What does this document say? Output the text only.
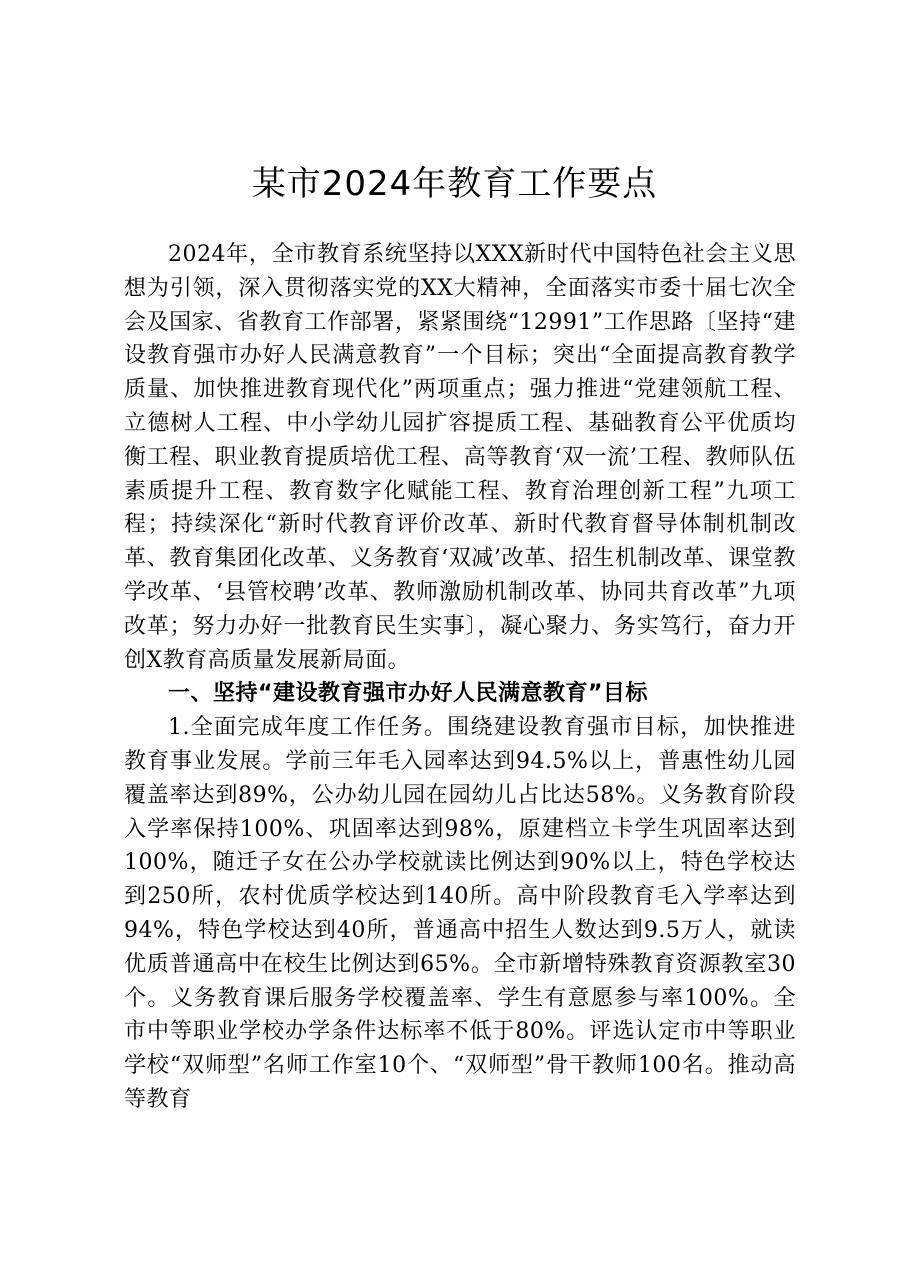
某市2024年教育工作要点

2024年，全市教育系统坚持以XXX新时代中国特色社会主义思想为引领，深入贯彻落实党的XX大精神，全面落实市委十届七次全会及国家、省教育工作部署，紧紧围绕“12991”工作思路〔坚持“建设教育强市办好人民满意教育”一个目标；突出“全面提高教育教学质量、加快推进教育现代化”两项重点；强力推进“党建领航工程、立德树人工程、中小学幼儿园扩容提质工程、基础教育公平优质均衡工程、职业教育提质培优工程、高等教育‘双一流’工程、教师队伍素质提升工程、教育数字化赋能工程、教育治理创新工程”九项工程；持续深化“新时代教育评价改革、新时代教育督导体制机制改革、教育集团化改革、义务教育‘双减’改革、招生机制改革、课堂教学改革、‘县管校聘’改革、教师激励机制改革、协同共育改革”九项改革；努力办好一批教育民生实事〕，凝心聚力、务实笃行，奋力开创X教育高质量发展新局面。

一、坚持“建设教育强市办好人民满意教育”目标

1.全面完成年度工作任务。围绕建设教育强市目标，加快推进教育事业发展。学前三年毛入园率达到94.5%以上，普惠性幼儿园覆盖率达到89%，公办幼儿园在园幼儿占比达58%。义务教育阶段入学率保持100%、巩固率达到98%，原建档立卡学生巩固率达到100%，随迁子女在公办学校就读比例达到90%以上，特色学校达到250所，农村优质学校达到140所。高中阶段教育毛入学率达到94%，特色学校达到40所，普通高中招生人数达到9.5万人，就读优质普通高中在校生比例达到65%。全市新增特殊教育资源教室30个。义务教育课后服务学校覆盖率、学生有意愿参与率100%。全市中等职业学校办学条件达标率不低于80%。评选认定市中等职业学校“双师型”名师工作室10个、“双师型”骨干教师100名。推动高等教育
